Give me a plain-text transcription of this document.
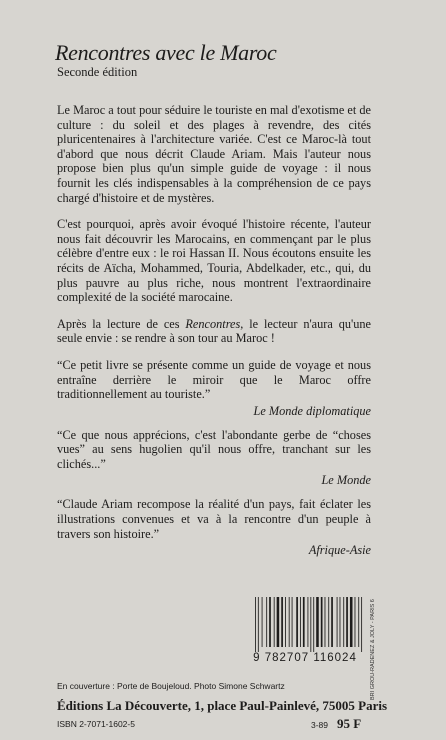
Rencontres avec le Maroc
Seconde édition

Le Maroc a tout pour séduire le touriste en mal d'exotisme et de culture : du soleil et des plages à revendre, des cités pluricentenaires à l'architecture variée. C'est ce Maroc-là tout d'abord que nous décrit Claude Ariam. Mais l'auteur nous propose bien plus qu'un simple guide de voyage : il nous fournit les clés indispensables à la compréhension de ce pays chargé d'histoire et de mystères.

C'est pourquoi, après avoir évoqué l'histoire récente, l'auteur nous fait découvrir les Marocains, en commençant par le plus célèbre d'entre eux : le roi Hassan II. Nous écoutons ensuite les récits de Aïcha, Mohammed, Touria, Abdelkader, etc., qui, du plus pauvre au plus riche, nous montrent l'extraordinaire complexité de la société marocaine.

Après la lecture de ces Rencontres, le lecteur n'aura qu'une seule envie : se rendre à son tour au Maroc !

“Ce petit livre se présente comme un guide de voyage et nous entraîne derrière le miroir que le Maroc offre traditionnellement au touriste.”

Le Monde diplomatique

“Ce que nous apprécions, c'est l'abondante gerbe de “choses vues” au sens hugolien qu'il nous offre, tranchant sur les clichés...”

Le Monde

“Claude Ariam recompose la réalité d'un pays, fait éclater les illustrations convenues et va à la rencontre d'un peuple à travers son histoire.”

Afrique-Asie
9 782707 116024	BRI GROU-RADENEZ & JOLY - PARIS 6
En couverture : Porte de Boujeloud. Photo Simone Schwartz
Éditions La Découverte, 1, place Paul-Painlevé, 75005 Paris
ISBN 2-7071-1602-5	3-89 95 F
